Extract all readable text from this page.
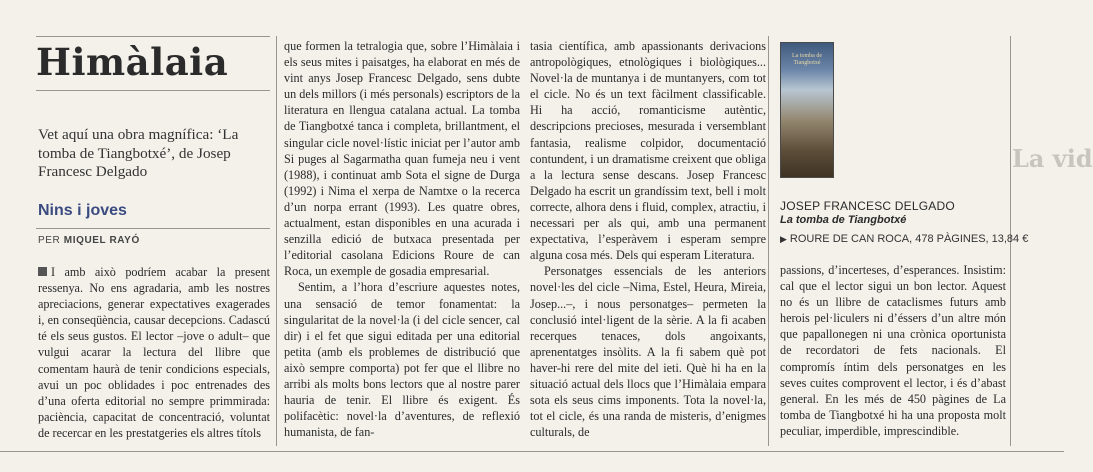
Himàlaia
Vet aquí una obra magnífica: ‘La tomba de Tiangbotxé’, de Josep Francesc Delgado
Nins i joves
PER MIQUEL RAYÓ

I amb això podríem acabar la present ressenya. No ens agradaria, amb les nostres apreciacions, generar expectatives exagerades i, en conseqüència, causar decepcions. Cadascú té els seus gustos. El lector –jove o adult– que vulgui acarar la lectura del llibre que comentam haurà de tenir condicions especials, avui un poc oblidades i poc entrenades des d’una oferta editorial no sempre primmirada: paciència, capacitat de concentració, voluntat de recercar en les prestatgeries els altres títols

que formen la tetralogia que, sobre l’Himàlaia i els seus mites i paisatges, ha elaborat en més de vint anys Josep Francesc Delgado, sens dubte un dels millors (i més personals) escriptors de la literatura en llengua catalana actual. La tomba de Tiangbotxé tanca i completa, brillantment, el singular cicle novel·lístic iniciat per l’autor amb Si puges al Sagarmatha quan fumeja neu i vent (1988), i continuat amb Sota el signe de Durga (1992) i Nima el xerpa de Namtxe o la recerca d’un norpa errant (1993). Les quatre obres, actualment, estan disponibles en una acurada i senzilla edició de butxaca presentada per l’editorial casolana Edicions Roure de can Roca, un exemple de gosadia empresarial.

Sentim, a l’hora d’escriure aquestes notes, una sensació de temor fonamentat: la singularitat de la novel·la (i del cicle sencer, cal dir) i el fet que sigui editada per una editorial petita (amb els problemes de distribució que això sempre comporta) pot fer que el llibre no arribi als molts bons lectors que al nostre parer hauria de tenir. El llibre és exigent. És polifacètic: novel·la d’aventures, de reflexió humanista, de fan-

tasia científica, amb apassionants derivacions antropològiques, etnològiques i biològiques... Novel·la de muntanya i de muntanyers, com tot el cicle. No és un text fàcilment classificable. Hi ha acció, romanticisme autèntic, descripcions precioses, mesurada i versemblant fantasia, realisme colpidor, documentació contundent, i un dramatisme creixent que obliga a la lectura sense descans. Josep Francesc Delgado ha escrit un grandíssim text, bell i molt correcte, alhora dens i fluid, complex, atractiu, i necessari per als qui, amb una permanent expectativa, l’esperàvem i esperam sempre alguna cosa més. Dels qui esperam Literatura.

Personatges essencials de les anteriors novel·les del cicle –Nima, Estel, Heura, Mireia, Josep...–, i nous personatges– permeten la conclusió intel·ligent de la sèrie. A la fi acaben recerques tenaces, dols angoixants, aprenentatges insòlits. A la fi sabem què pot haver-hi rere del mite del ieti. Què hi ha en la situació actual dels llocs que l’Himàlaia empara sota els seus cims imponents. Tota la novel·la, tot el cicle, és una randa de misteris, d’enigmes culturals, de

La tomba de Tiangbotxé
JOSEP FRANCESC DELGADO
La tomba de Tiangbotxé
▶ ROURE DE CAN ROCA, 478 PÀGINES, 13,84 €

passions, d’incerteses, d’esperances. Insistim: cal que el lector sigui un bon lector. Aquest no és un llibre de cataclismes futurs amb herois pel·liculers ni d’éssers d’un altre món que papallonegen ni una crònica oportunista de recordatori de fets nacionals. El compromís íntim dels personatges en les seves cuites comprovent el lector, i és d’abast general. En les més de 450 pàgines de La tomba de Tiangbotxé hi ha una proposta molt peculiar, imperdible, imprescindible.

La vid
